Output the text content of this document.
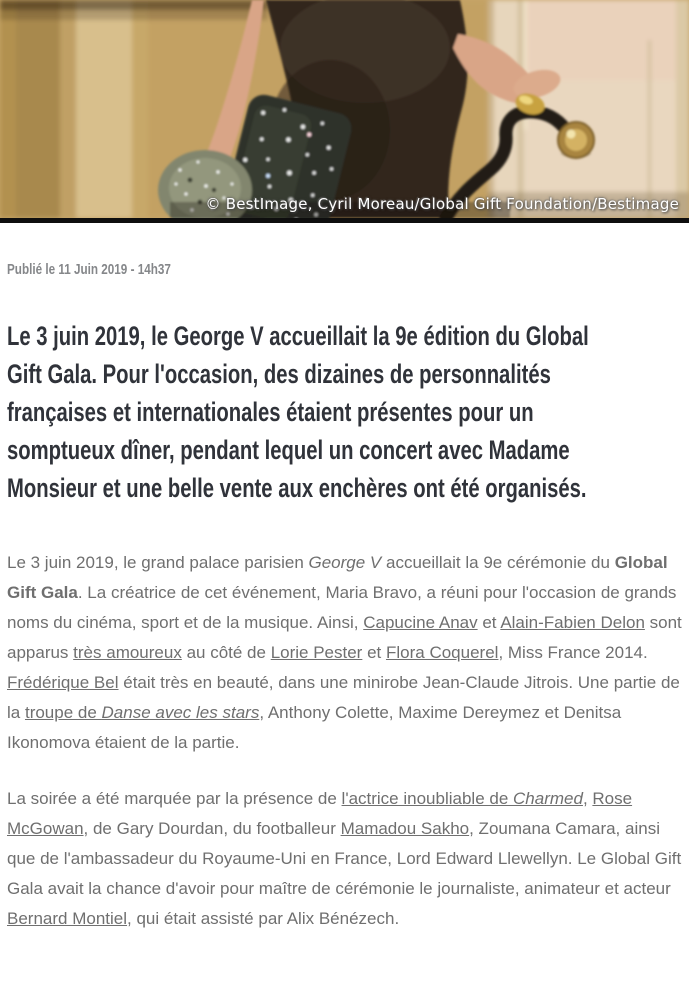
© BestImage, Cyril Moreau/Global Gift Foundation/Bestimage
Publié le 11 Juin 2019 - 14h37
Le 3 juin 2019, le George V accueillait la 9e édition du Global
Gift Gala. Pour l'occasion, des dizaines de personnalités
françaises et internationales étaient présentes pour un
somptueux dîner, pendant lequel un concert avec Madame
Monsieur et une belle vente aux enchères ont été organisés.

Le 3 juin 2019, le grand palace parisien George V accueillait la 9e cérémonie du Global Gift Gala. La créatrice de cet événement, Maria Bravo, a réuni pour l'occasion de grands noms du cinéma, sport et de la musique. Ainsi, Capucine Anav et Alain-Fabien Delon sont apparus très amoureux au côté de Lorie Pester et Flora Coquerel, Miss France 2014. Frédérique Bel était très en beauté, dans une minirobe Jean-Claude Jitrois. Une partie de la troupe de Danse avec les stars, Anthony Colette, Maxime Dereymez et Denitsa Ikonomova étaient de la partie.

La soirée a été marquée par la présence de l'actrice inoubliable de Charmed, Rose McGowan, de Gary Dourdan, du footballeur Mamadou Sakho, Zoumana Camara, ainsi que de l'ambassadeur du Royaume-Uni en France, Lord Edward Llewellyn. Le Global Gift Gala avait la chance d'avoir pour maître de cérémonie le journaliste, animateur et acteur Bernard Montiel, qui était assisté par Alix Bénézech.
